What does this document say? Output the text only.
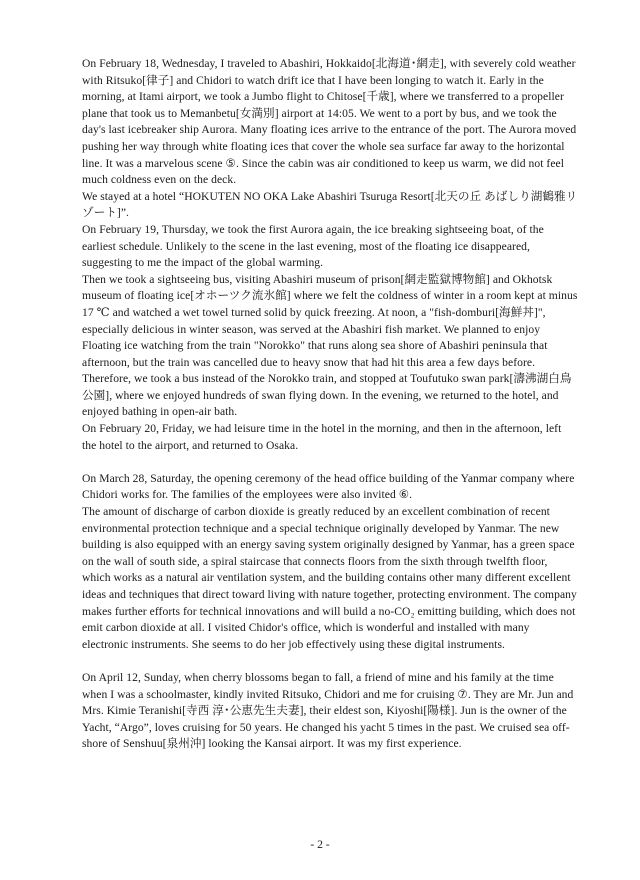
On February 18, Wednesday, I traveled to Abashiri, Hokkaido[北海道･網走], with severely cold weather with Ritsuko[律子] and Chidori to watch drift ice that I have been longing to watch it. Early in the morning, at Itami airport, we took a Jumbo flight to Chitose[千歳], where we transferred to a propeller plane that took us to Memanbetu[女満別] airport at 14:05. We went to a port by bus, and we took the day's last icebreaker ship Aurora. Many floating ices arrive to the entrance of the port. The Aurora moved pushing her way through white floating ices that cover the whole sea surface far away to the horizontal line. It was a marvelous scene ⑤. Since the cabin was air conditioned to keep us warm, we did not feel much coldness even on the deck.

We stayed at a hotel “HOKUTEN NO OKA Lake Abashiri Tsuruga Resort[北天の丘 あばしり湖鶴雅リゾート]”.

On February 19, Thursday, we took the first Aurora again, the ice breaking sightseeing boat, of the earliest schedule. Unlikely to the scene in the last evening, most of the floating ice disappeared, suggesting to me the impact of the global warming.

Then we took a sightseeing bus, visiting Abashiri museum of prison[網走監獄博物館] and Okhotsk museum of floating ice[オホーツク流氷館] where we felt the coldness of winter in a room kept at minus 17 ℃ and watched a wet towel turned solid by quick freezing. At noon, a "fish-domburi[海鮮丼]", especially delicious in winter season, was served at the Abashiri fish market. We planned to enjoy Floating ice watching from the train "Norokko" that runs along sea shore of Abashiri peninsula that afternoon, but the train was cancelled due to heavy snow that had hit this area a few days before. Therefore, we took a bus instead of the Norokko train, and stopped at Toufutuko swan park[濤沸湖白鳥公園], where we enjoyed hundreds of swan flying down. In the evening, we returned to the hotel, and enjoyed bathing in open-air bath.

On February 20, Friday, we had leisure time in the hotel in the morning, and then in the afternoon, left the hotel to the airport, and returned to Osaka.

On March 28, Saturday, the opening ceremony of the head office building of the Yanmar company where Chidori works for. The families of the employees were also invited ⑥.

The amount of discharge of carbon dioxide is greatly reduced by an excellent combination of recent environmental protection technique and a special technique originally developed by Yanmar. The new building is also equipped with an energy saving system originally designed by Yanmar, has a green space on the wall of south side, a spiral staircase that connects floors from the sixth through twelfth floor, which works as a natural air ventilation system, and the building contains other many different excellent ideas and techniques that direct toward living with nature together, protecting environment. The company makes further efforts for technical innovations and will build a no-CO₂ emitting building, which does not emit carbon dioxide at all. I visited Chidor's office, which is wonderful and installed with many electronic instruments. She seems to do her job effectively using these digital instruments.

On April 12, Sunday, when cherry blossoms began to fall, a friend of mine and his family at the time when I was a schoolmaster, kindly invited Ritsuko, Chidori and me for cruising ⑦. They are Mr. Jun and Mrs. Kimie Teranishi[寺西 淳･公恵先生夫妻], their eldest son, Kiyoshi[陽様]. Jun is the owner of the Yacht, “Argo”, loves cruising for 50 years. He changed his yacht 5 times in the past. We cruised sea off-shore of Senshuu[泉州沖] looking the Kansai airport. It was my first experience.

- 2 -
